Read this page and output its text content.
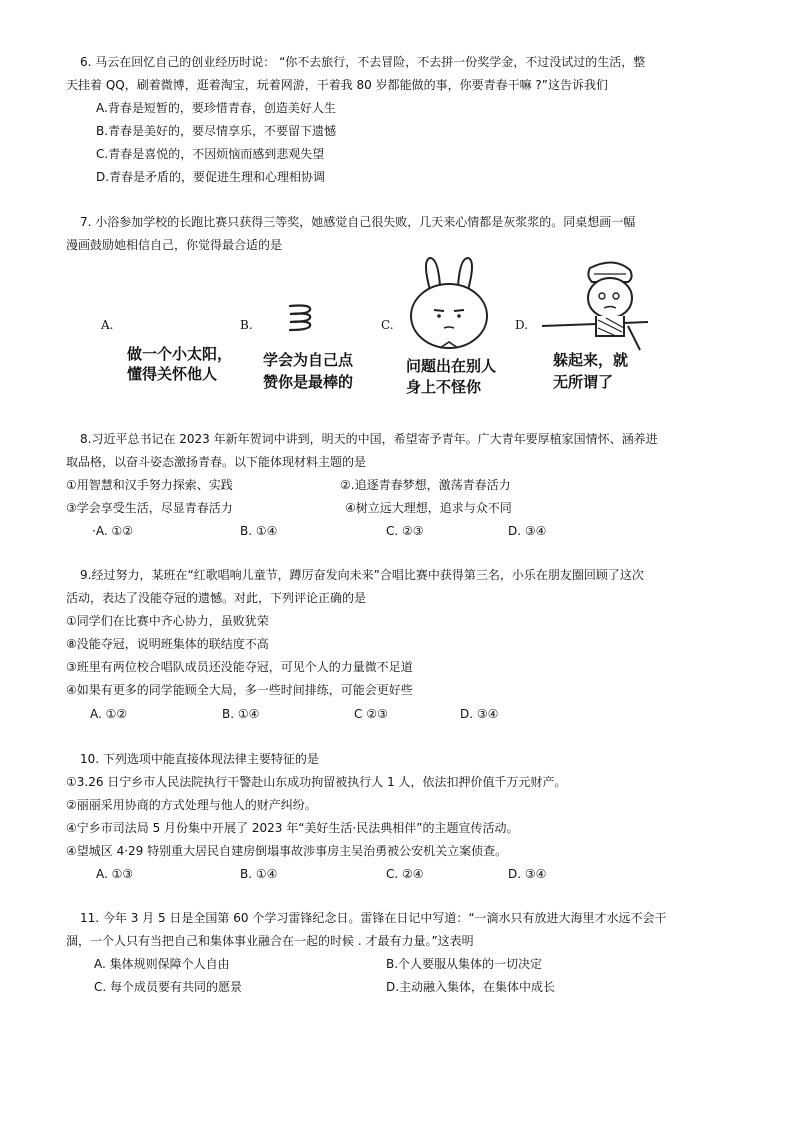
6. 马云在回忆自己的创业经历时说： “你不去旅行，不去冒险，不去拼一份奖学金，不过没试过的生活，整
天挂着 QQ，刷着微博，逛着淘宝，玩着网游，干着我 80 岁都能做的事，你要青春干嘛 ?”这告诉我们
A.背春是短暂的，要珍惜青春，创造美好人生
B.青春是美好的，要尽情享乐，不要留下遗憾
C.青春是喜悦的，不因烦恼而感到悲观失望
D.青春是矛盾的，要促进生理和心理相协调
7. 小浴参加学校的长跑比赛只获得三等奖，她感觉自己很失败，几天来心情都是灰浆浆的。同桌想画一幅
漫画鼓励她相信自己，你觉得最合适的是
A.
做一个小太阳，
懂得关怀他人
B.
学会为自己点
赞你是最棒的
C.
问题出在别人
身上不怪你
D.
躲起来，就
无所谓了
8.习近平总书记在 2023 年新年贺词中讲到，明天的中国，希望寄予青年。广大青年要厚植家国情怀、涵养进
取品格，以奋斗姿态激扬青春。以下能体现材料主题的是
①用智慧和汉手努力探索、实践	②.追逐青春梦想，激荡青春活力
③学会享受生活，尽显青春活力	④树立远大理想，追求与众不同
·A. ①②	B. ①④	C. ②③	D. ③④
9.经过努力，某班在“红歌唱响儿童节，蹲厉奋发向未来”合唱比赛中获得第三名，小乐在朋友圈回顾了这次
活动，表达了没能夺冠的遗憾。对此，下列评论正确的是
①同学们在比赛中齐心协力，虽败犹荣
⑧没能夺冠，说明班集体的联结度不高
③班里有两位校合唱队成员还没能夺冠，可见个人的力量微不足道
④如果有更多的同学能顾全大局，多一些时间排练，可能会更好些
A. ①②	B. ①④	C ②③	D. ③④
10. 下列选项中能直接体现法律主要特征的是
①3.26 日宁乡市人民法院执行干警赴山东成功拘留被执行人 1 人，依法扣押价值千万元财产。
②丽丽采用协商的方式处理与他人的财产纠纷。
④宁乡市司法局 5 月份集中开展了 2023 年“美好生活·民法典相伴”的主题宣传活动。
④望城区 4·29 特别重大居民自建房倒塌事故涉事房主吴治勇被公安机关立案侦查。
A. ①③	B. ①④	C. ②④	D. ③④
11. 今年 3 月 5 日是全国第 60 个学习雷锋纪念日。雷锋在日记中写道：“一滴水只有放进大海里才水远不会干
涸，一个人只有当把自己和集体事业融合在一起的时候 . 才最有力量。”这表明
A. 集体规则保障个人自由	B.个人要服从集体的一切决定
C. 每个成员要有共同的愿景	D.主动融入集体，在集体中成长
